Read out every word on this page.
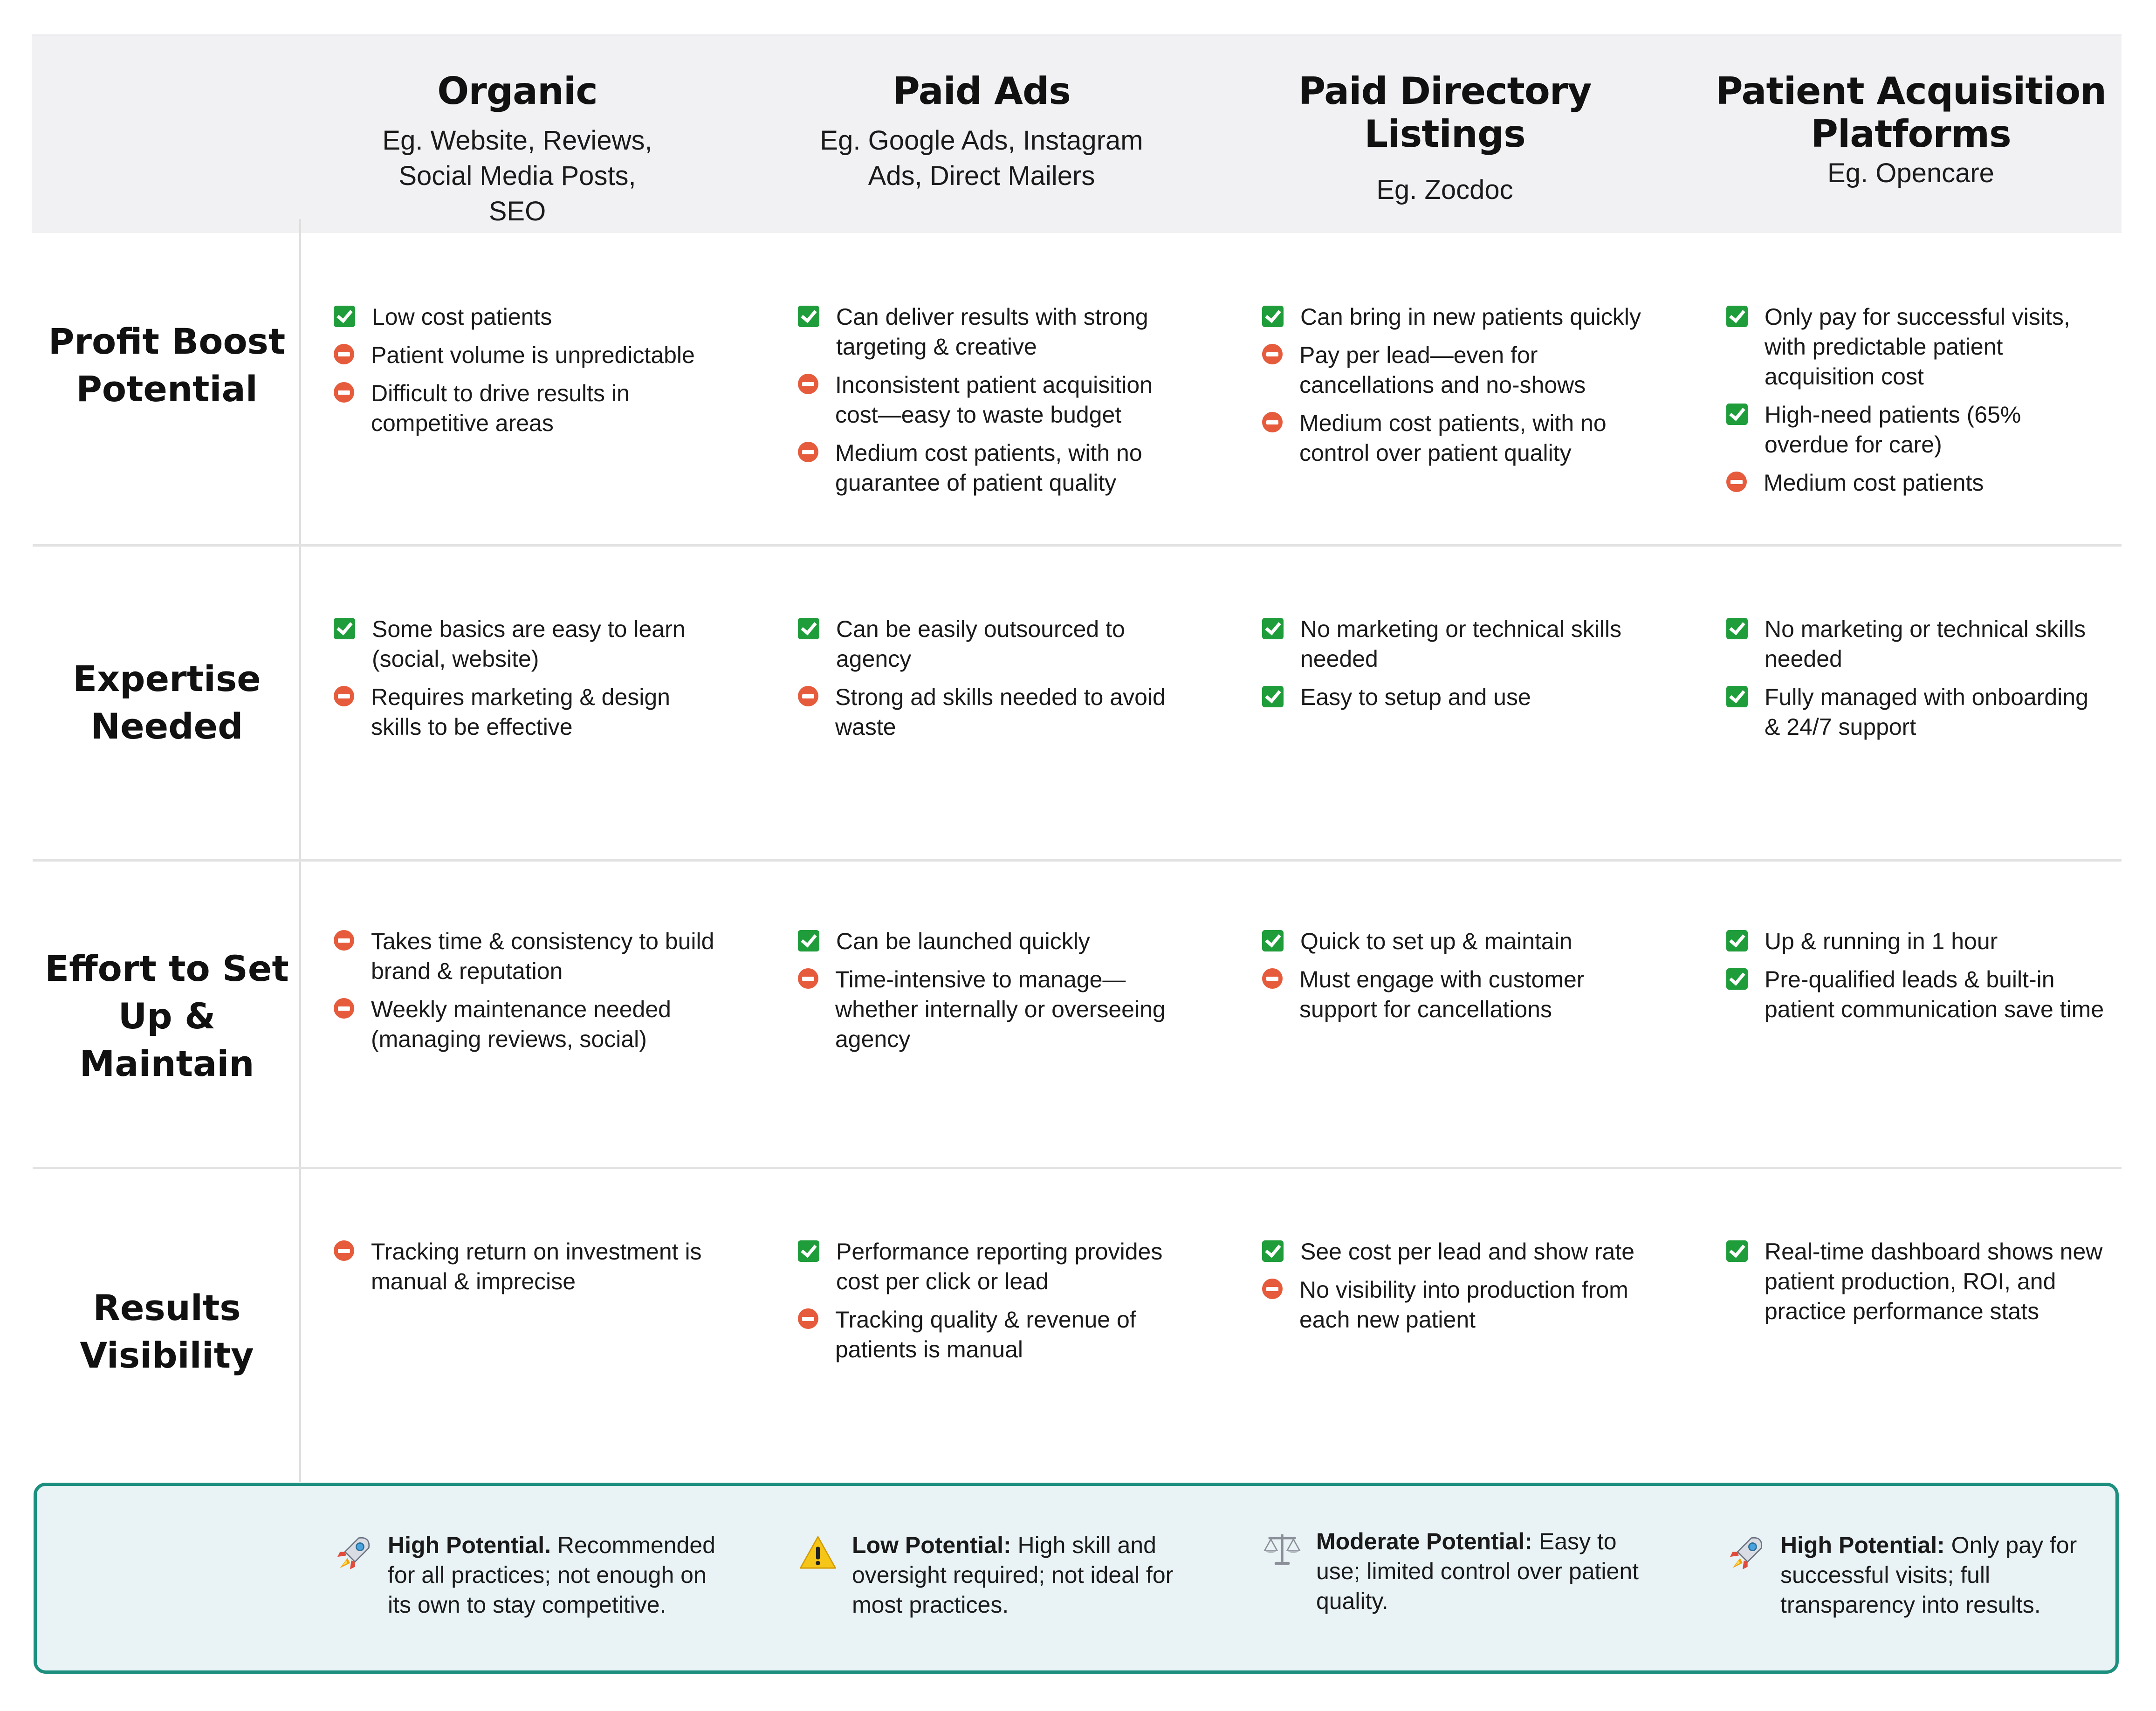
Organic
Eg. Website, Reviews, Social Media Posts, SEO
Paid Ads
Eg. Google Ads, Instagram Ads, Direct Mailers
Paid Directory Listings
Eg. Zocdoc
Patient Acquisition Platforms
Eg. Opencare
Profit Boost Potential
Expertise Needed
Effort to Set Up & Maintain
Results Visibility
Low cost patients
Patient volume is unpredictable
Difficult to drive results in competitive areas
Can deliver results with strong targeting & creative
Inconsistent patient acquisition cost—easy to waste budget
Medium cost patients, with no guarantee of patient quality
Can bring in new patients quickly
Pay per lead—even for cancellations and no-shows
Medium cost patients, with no control over patient quality
Only pay for successful visits, with predictable patient acquisition cost
High-need patients (65% overdue for care)
Medium cost patients
Some basics are easy to learn (social, website)
Requires marketing & design skills to be effective
Can be easily outsourced to agency
Strong ad skills needed to avoid waste
No marketing or technical skills needed
Easy to setup and use
No marketing or technical skills needed
Fully managed with onboarding & 24/7 support
Takes time & consistency to build brand & reputation
Weekly maintenance needed (managing reviews, social)
Can be launched quickly
Time-intensive to manage—whether internally or overseeing agency
Quick to set up & maintain
Must engage with customer support for cancellations
Up & running in 1 hour
Pre-qualified leads & built-in patient communication save time
Tracking return on investment is manual & imprecise
Performance reporting provides cost per click or lead
Tracking quality & revenue of patients is manual
See cost per lead and show rate
No visibility into production from each new patient
Real-time dashboard shows new patient production, ROI, and practice performance stats
High Potential. Recommended for all practices; not enough on its own to stay competitive.
Low Potential: High skill and oversight required; not ideal for most practices.
Moderate Potential: Easy to use; limited control over patient quality.
High Potential: Only pay for successful visits; full transparency into results.
